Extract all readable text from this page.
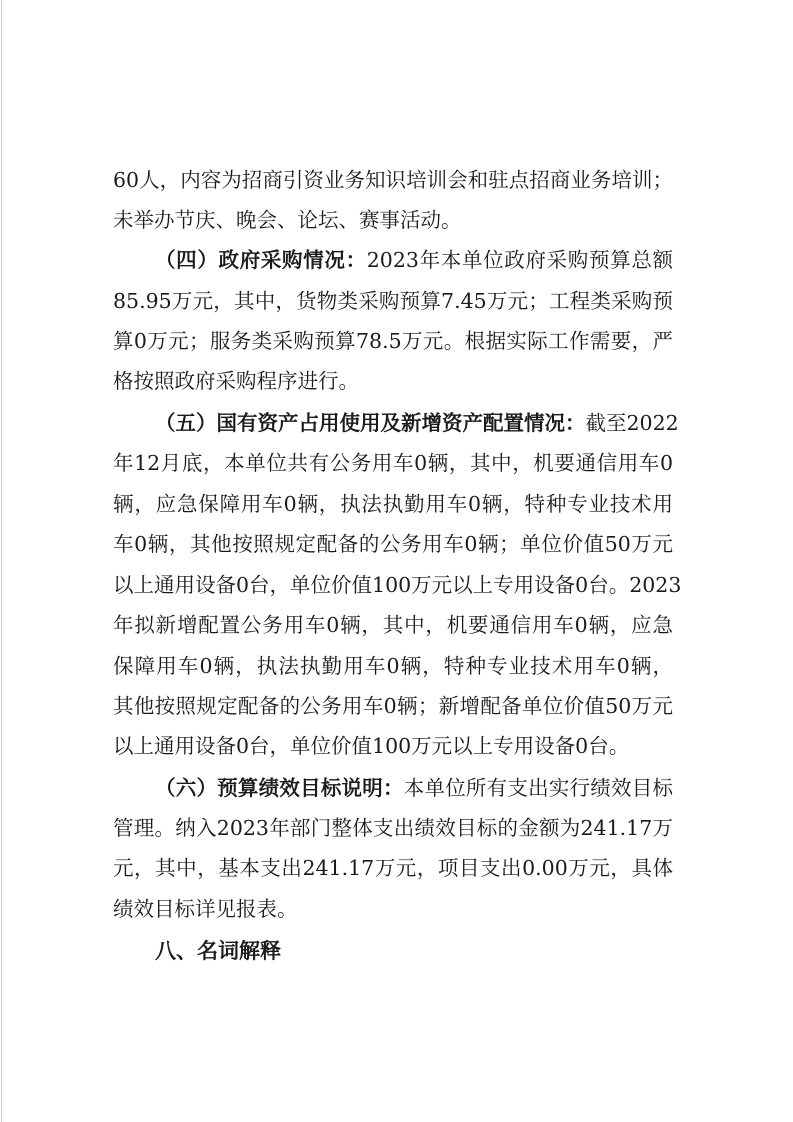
60人，内容为招商引资业务知识培训会和驻点招商业务培训；
未举办节庆、晚会、论坛、赛事活动。
（四）政府采购情况：2023年本单位政府采购预算总额
85.95万元，其中，货物类采购预算7.45万元；工程类采购预
算0万元；服务类采购预算78.5万元。根据实际工作需要，严
格按照政府采购程序进行。
（五）国有资产占用使用及新增资产配置情况：截至2022
年12月底，本单位共有公务用车0辆，其中，机要通信用车0
辆，应急保障用车0辆，执法执勤用车0辆，特种专业技术用
车0辆，其他按照规定配备的公务用车0辆；单位价值50万元
以上通用设备0台，单位价值100万元以上专用设备0台。2023
年拟新增配置公务用车0辆，其中，机要通信用车0辆，应急
保障用车0辆，执法执勤用车0辆，特种专业技术用车0辆，
其他按照规定配备的公务用车0辆；新增配备单位价值50万元
以上通用设备0台，单位价值100万元以上专用设备0台。
（六）预算绩效目标说明：本单位所有支出实行绩效目标
管理。纳入2023年部门整体支出绩效目标的金额为241.17万
元，其中，基本支出241.17万元，项目支出0.00万元，具体
绩效目标详见报表。
八、名词解释
